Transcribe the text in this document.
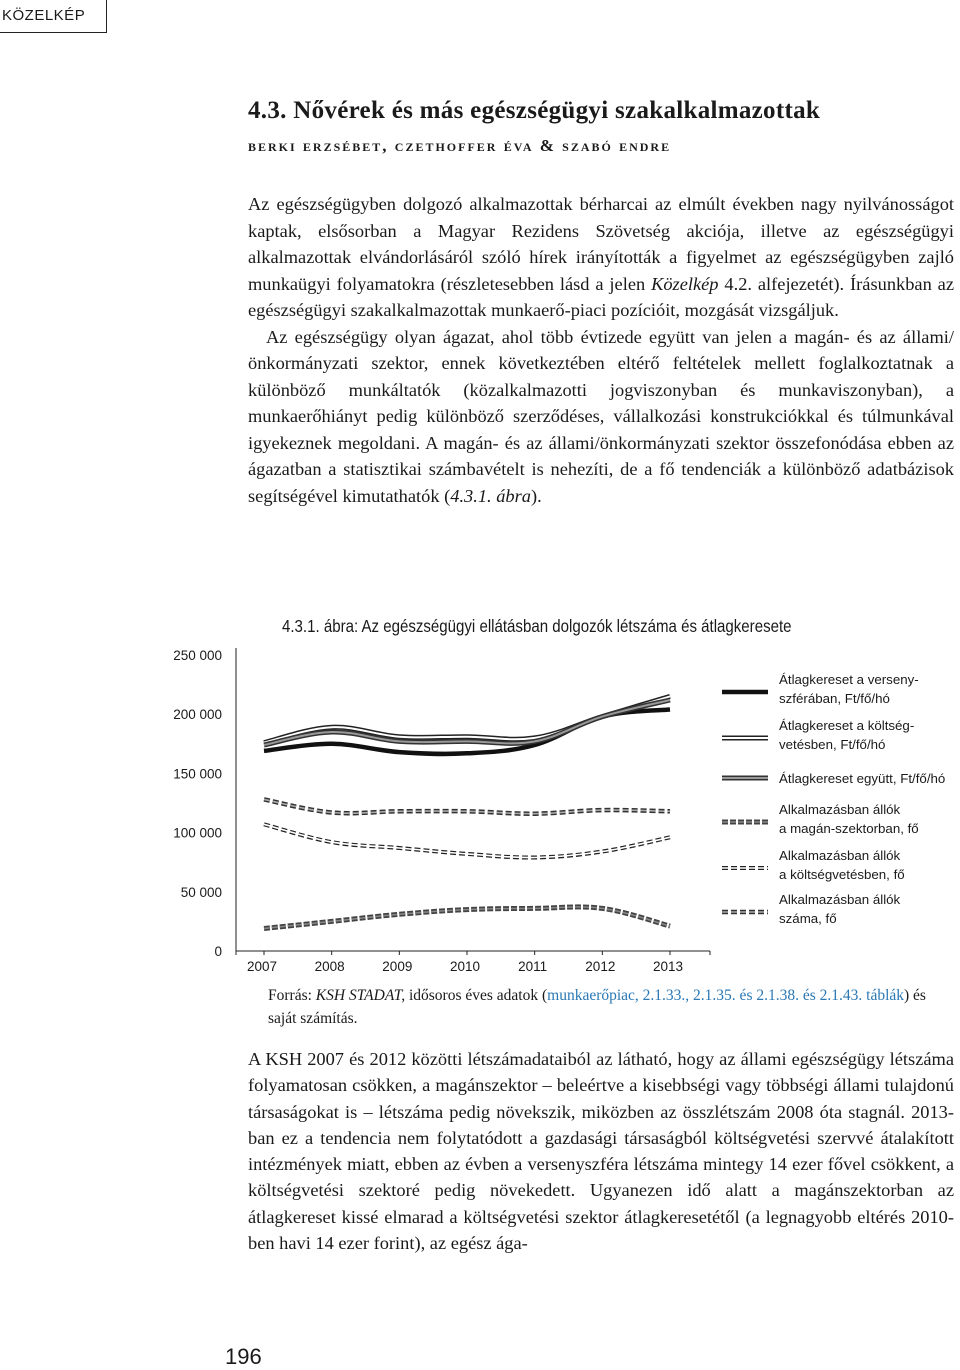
KÖZELKÉP
4.3. Nővérek és más egészségügyi szakalkalmazottak
berki erzsébet, czethoffer éva & szabó endre

Az egészségügyben dolgozó alkalmazottak bérharcai az elmúlt években nagy nyilvánosságot kaptak, elsősorban a Magyar Rezidens Szövetség akciója, illetve az egészségügyi alkalmazottak elvándorlásáról szóló hírek irányították a figyelmet az egészségügyben zajló munkaügyi folyamatokra (részletesebben lásd a jelen Közelkép 4.2. alfejezetét). Írásunkban az egészségügyi szakalkalmazottak munkaerő-piaci pozícióit, mozgását vizsgáljuk.

Az egészségügy olyan ágazat, ahol több évtizede együtt van jelen a magán- és az állami/önkormányzati szektor, ennek következtében eltérő feltételek mellett foglalkoztatnak a különböző munkáltatók (közalkalmazotti jogviszonyban és munkaviszonyban), a munkaerőhiányt pedig különböző szerződéses, vállalkozási konstrukciókkal és túlmunkával igyekeznek megoldani. A magán- és az állami/önkormányzati szektor összefonódása ebben az ágazatban a statisztikai számbavételt is nehezíti, de a fő tendenciák a különböző adatbázisok segítségével kimutathatók (4.3.1. ábra).

4.3.1. ábra: Az egészségügyi ellátásban dolgozók létszáma és átlagkeresete
0
50 000
100 000
150 000
200 000
250 000
2007	2008	2009	2010	2011	2012	2013
Átlagkereset a verseny-
szférában, Ft/fő/hó
Átlagkereset a költség-
vetésben, Ft/fő/hó
Átlagkereset együtt, Ft/fő/hó
Alkalmazásban állók
a magán-szektorban, fő
Alkalmazásban állók
a költségvetésben, fő
Alkalmazásban állók
száma, fő
Forrás: KSH STADAT, idősoros éves adatok (munkaerőpiac, 2.1.33., 2.1.35. és 2.1.38. és 2.1.43. táblák) és saját számítás.
A KSH 2007 és 2012 közötti létszámadataiból az látható, hogy az állami egészségügy létszáma folyamatosan csökken, a magánszektor – beleértve a kisebbségi vagy többségi állami tulajdonú társaságokat is – létszáma pedig növekszik, miközben az összlétszám 2008 óta stagnál. 2013-ban ez a tendencia nem folytatódott a gazdasági társaságból költségvetési szervvé átalakított intézmények miatt, ebben az évben a versenyszféra létszáma mintegy 14 ezer fővel csökkent, a költségvetési szektoré pedig növekedett. Ugyanezen idő alatt a magánszektorban az átlagkereset kissé elmarad a költségvetési szektor átlagkeresetétől (a legnagyobb eltérés 2010-ben havi 14 ezer forint), az egész ága-
196
